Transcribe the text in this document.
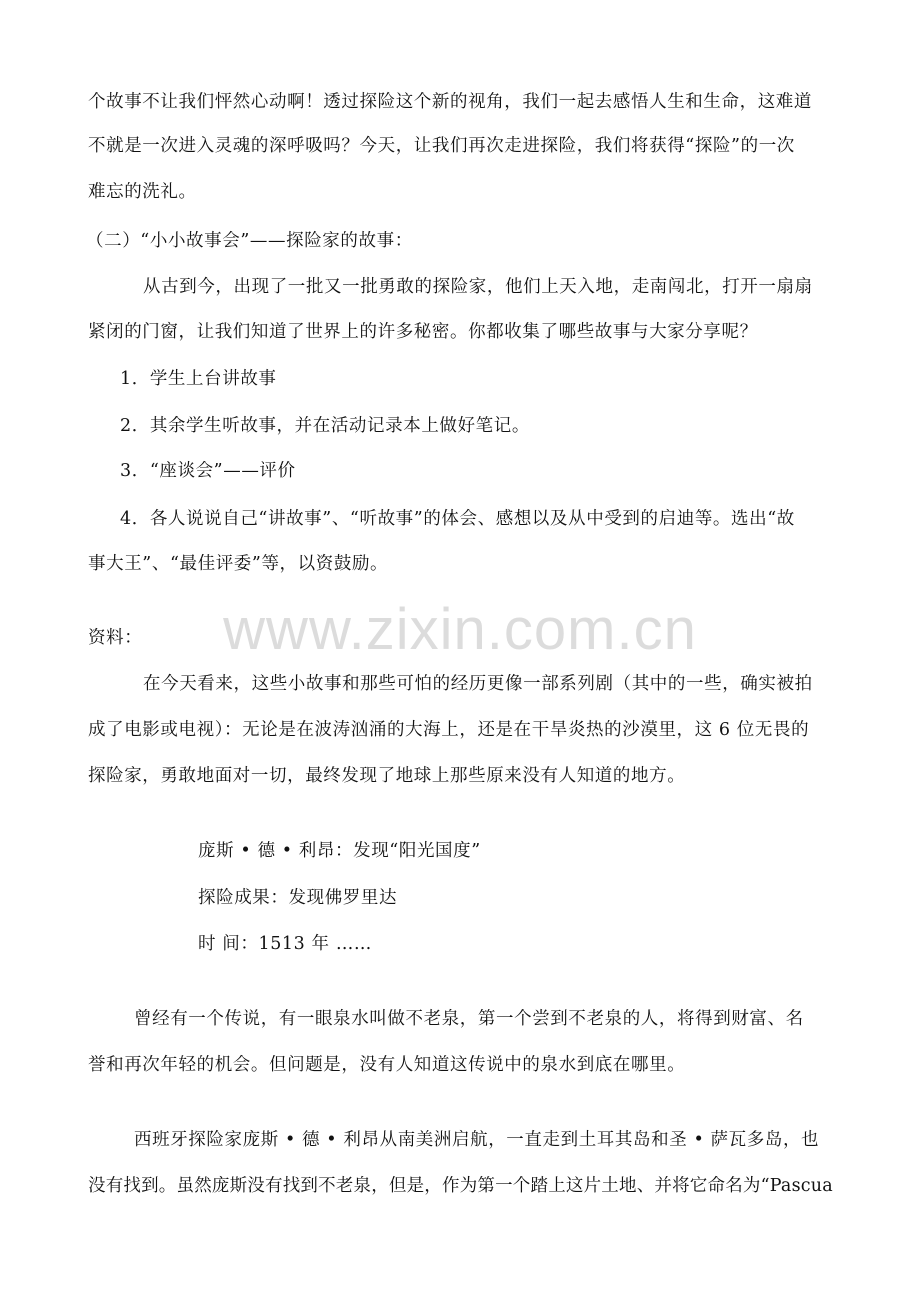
www.zixin.com.cn
个故事不让我们怦然心动啊！透过探险这个新的视角，我们一起去感悟人生和生命，这难道
不就是一次进入灵魂的深呼吸吗？今天，让我们再次走进探险，我们将获得“探险”的一次
难忘的洗礼。
（二）“小小故事会”——探险家的故事：
从古到今，出现了一批又一批勇敢的探险家，他们上天入地，走南闯北，打开一扇扇
紧闭的门窗，让我们知道了世界上的许多秘密。你都收集了哪些故事与大家分享呢？
1．学生上台讲故事
2．其余学生听故事，并在活动记录本上做好笔记。
3．“座谈会”——评价
4．各人说说自己“讲故事”、“听故事”的体会、感想以及从中受到的启迪等。选出“故
事大王”、“最佳评委”等，以资鼓励。
资料：
在今天看来，这些小故事和那些可怕的经历更像一部系列剧（其中的一些，确实被拍
成了电影或电视）：无论是在波涛汹涌的大海上，还是在干旱炎热的沙漠里，这 6 位无畏的
探险家，勇敢地面对一切，最终发现了地球上那些原来没有人知道的地方。
庞斯 • 德 • 利昂：发现“阳光国度”
探险成果：发现佛罗里达
时 间：1513 年 ……
曾经有一个传说，有一眼泉水叫做不老泉，第一个尝到不老泉的人，将得到财富、名
誉和再次年轻的机会。但问题是，没有人知道这传说中的泉水到底在哪里。
西班牙探险家庞斯 • 德 • 利昂从南美洲启航，一直走到土耳其岛和圣 • 萨瓦多岛，也
没有找到。虽然庞斯没有找到不老泉，但是，作为第一个踏上这片土地、并将它命名为“Pascua
